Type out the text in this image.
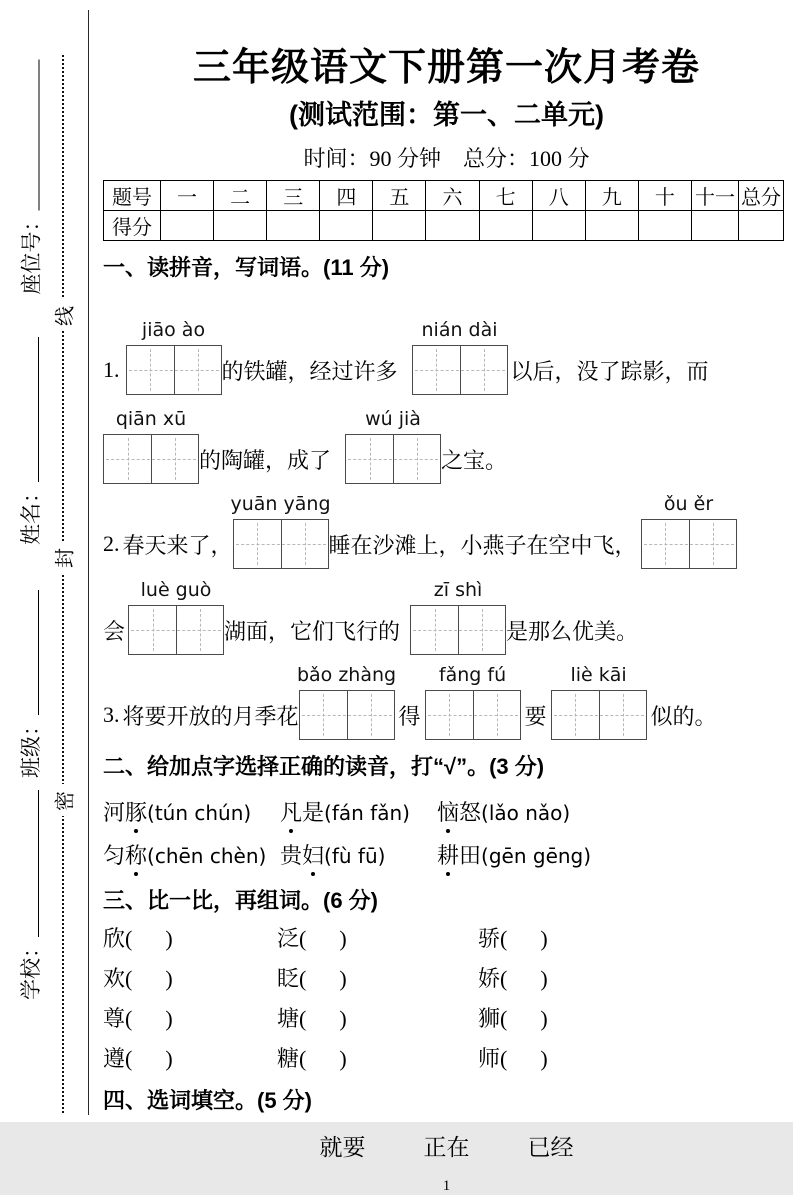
线
封
密
座位号：
姓名：
班级：
学校：
三年级语文下册第一次月考卷
(测试范围：第一、二单元)
时间：90 分钟　总分：100 分
题号	一	二	三	四	五	六	七	八	九	十	十一	总分
得分												
一、读拼音，写词语。(11 分)
1.
jiāo ào
的铁罐，经过许多
nián dài
以后，没了踪影，而
qiān xū
的陶罐，成了
wú jià
之宝。
2. 春天来了，
yuān yāng
睡在沙滩上，小燕子在空中飞，
ǒu ěr
会
luè guò
湖面，它们飞行的
zī shì
是那么优美。
3. 将要开放的月季花
bǎo zhàng
得
fǎng fú
要
liè kāi
似的。
二、给加点字选择正确的读音，打“√”。(3 分)
河豚(tún chún)	凡是(fán fǎn)	恼怒(lǎo nǎo)
匀称(chēn chèn) 贵妇(fù fū)	耕田(gēn gēng)
三、比一比，再组词。(6 分)
欣(      )	泛(      )	骄(      )
欢(      )	眨(      )	娇(      )
尊(      )	塘(      )	狮(      )
遵(      )	糖(      )	师(      )
四、选词填空。(5 分)
就要	正在	已经
1
